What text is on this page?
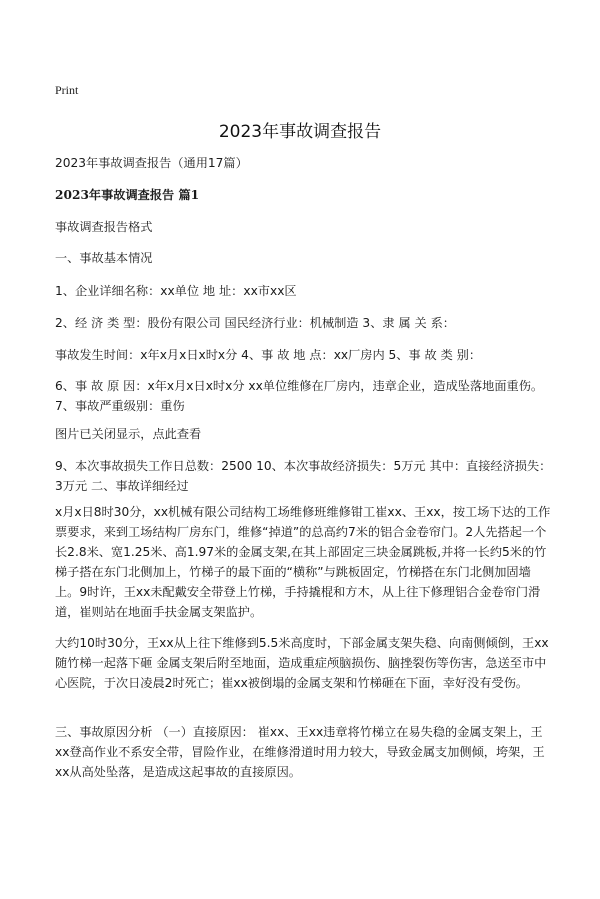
Print
2023年事故调查报告

2023年事故调查报告（通用17篇）

2023年事故调查报告 篇1

事故调查报告格式

一、事故基本情况

1、企业详细名称：xx单位 地 址：xx市xx区

2、经 济 类 型：股份有限公司 国民经济行业：机械制造 3、隶 属 关 系：

事故发生时间：x年x月x日x时x分 4、事 故 地 点：xx厂房内 5、事 故 类 别：

6、事 故 原 因：x年x月x日x时x分 xx单位维修在厂房内，违章企业，造成坠落地面重伤。 7、事故严重级别：重伤

图片已关闭显示，点此查看

9、本次事故损失工作日总数：2500 10、本次事故经济损失：5万元 其中：直接经济损失：3万元 二、事故详细经过

x月x日8时30分，xx机械有限公司结构工场维修班维修钳工崔xx、王xx，按工场下达的工作票要求，来到工场结构厂房东门，维修“掉道”的总高约7米的铝合金卷帘门。2人先搭起一个长2.8米、宽1.25米、高1.97米的金属支架,在其上部固定三块金属跳板,并将一长约5米的竹梯子搭在东门北侧加上，竹梯子的最下面的“横称”与跳板固定，竹梯搭在东门北侧加固墙上。9时许，王xx未配戴安全带登上竹梯，手持撬棍和方木，从上往下修理铝合金卷帘门滑道，崔则站在地面手扶金属支架监护。

大约10时30分，王xx从上往下维修到5.5米高度时，下部金属支架失稳、向南侧倾倒，王xx随竹梯一起落下砸 金属支架后附至地面，造成重症颅脑损伤、脑挫裂伤等伤害，急送至市中心医院，于次日凌晨2时死亡；崔xx被倒塌的金属支架和竹梯砸在下面，幸好没有受伤。

三、事故原因分析 （一）直接原因： 崔xx、王xx违章将竹梯立在易失稳的金属支架上，王xx登高作业不系安全带，冒险作业，在维修滑道时用力较大，导致金属支加侧倾，垮架，王xx从高处坠落，是造成这起事故的直接原因。
